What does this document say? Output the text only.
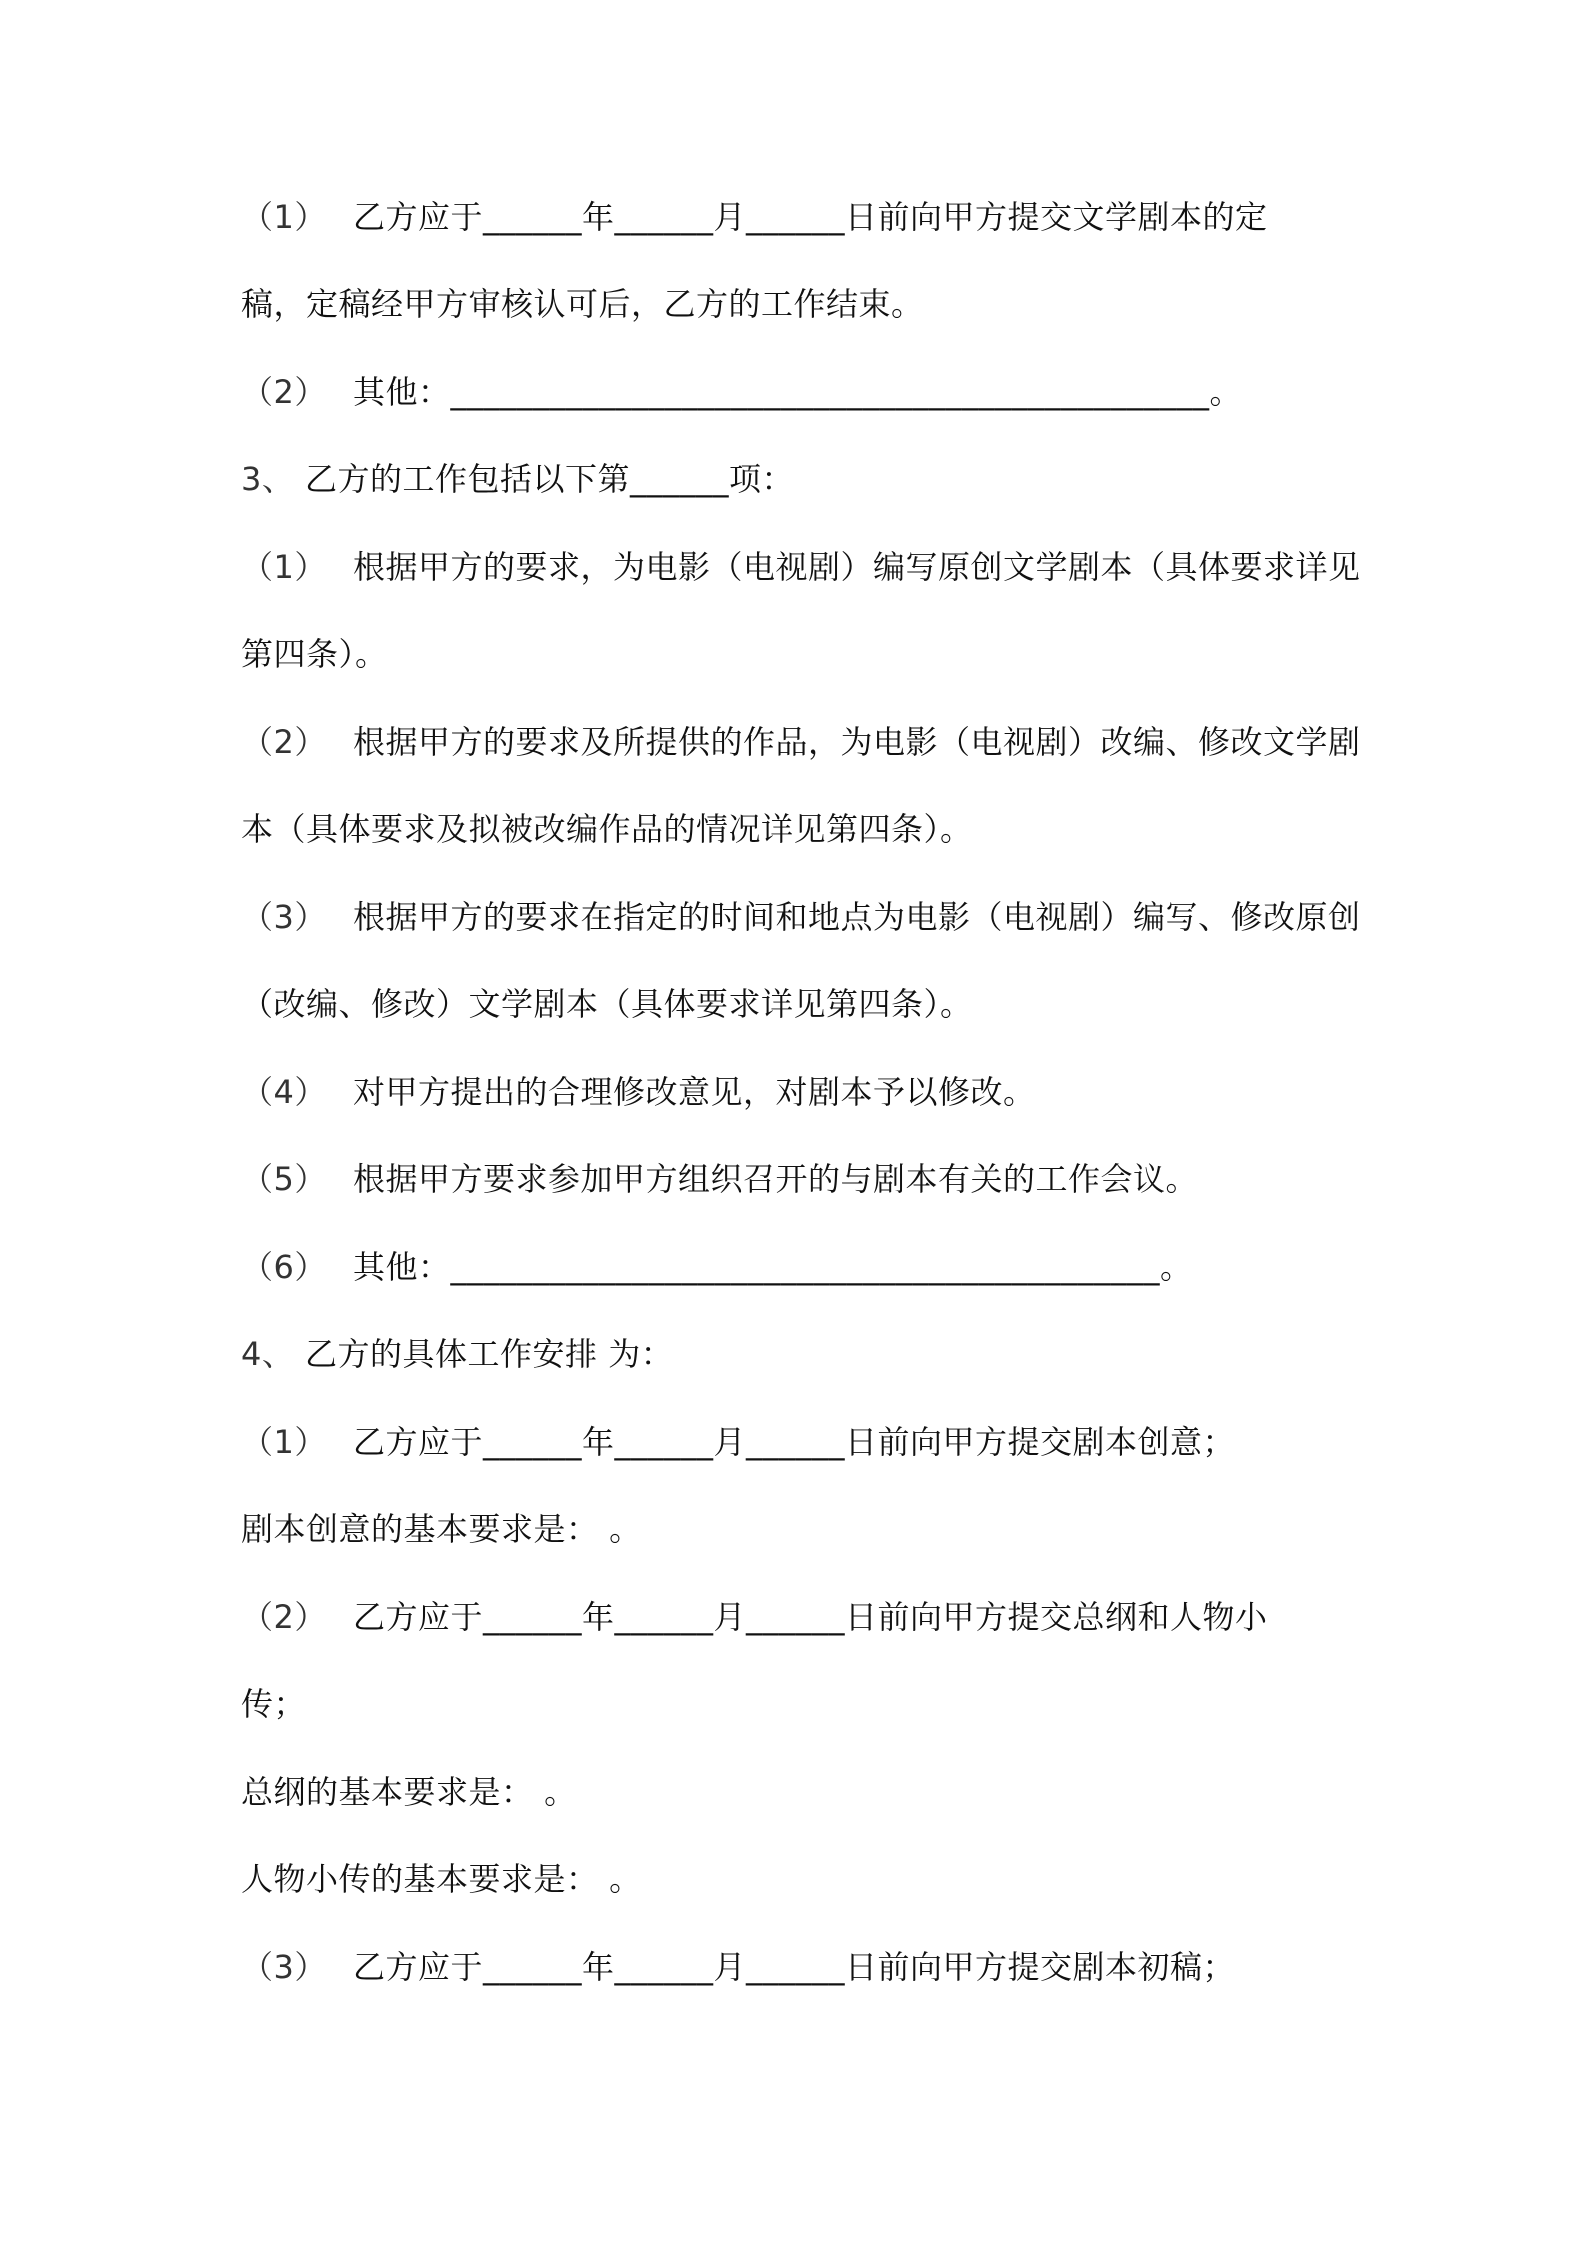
（1） 乙方应于______年______月______日前向甲方提交文学剧本的定
稿，定稿经甲方审核认可后，乙方的工作结束。
（2） 其他：______________________________________________。
3、 乙方的工作包括以下第______项：
（1） 根据甲方的要求，为电影（电视剧）编写原创文学剧本（具体要求详见
第四条）。
（2） 根据甲方的要求及所提供的作品，为电影（电视剧）改编、修改文学剧
本（具体要求及拟被改编作品的情况详见第四条）。
（3） 根据甲方的要求在指定的时间和地点为电影（电视剧）编写、修改原创
（改编、修改）文学剧本（具体要求详见第四条）。
（4） 对甲方提出的合理修改意见，对剧本予以修改。
（5） 根据甲方要求参加甲方组织召开的与剧本有关的工作会议。
（6） 其他：___________________________________________。
4、 乙方的具体工作安排 为：
（1） 乙方应于______年______月______日前向甲方提交剧本创意；
剧本创意的基本要求是： 。
（2） 乙方应于______年______月______日前向甲方提交总纲和人物小
传；
总纲的基本要求是： 。
人物小传的基本要求是： 。
（3） 乙方应于______年______月______日前向甲方提交剧本初稿；
